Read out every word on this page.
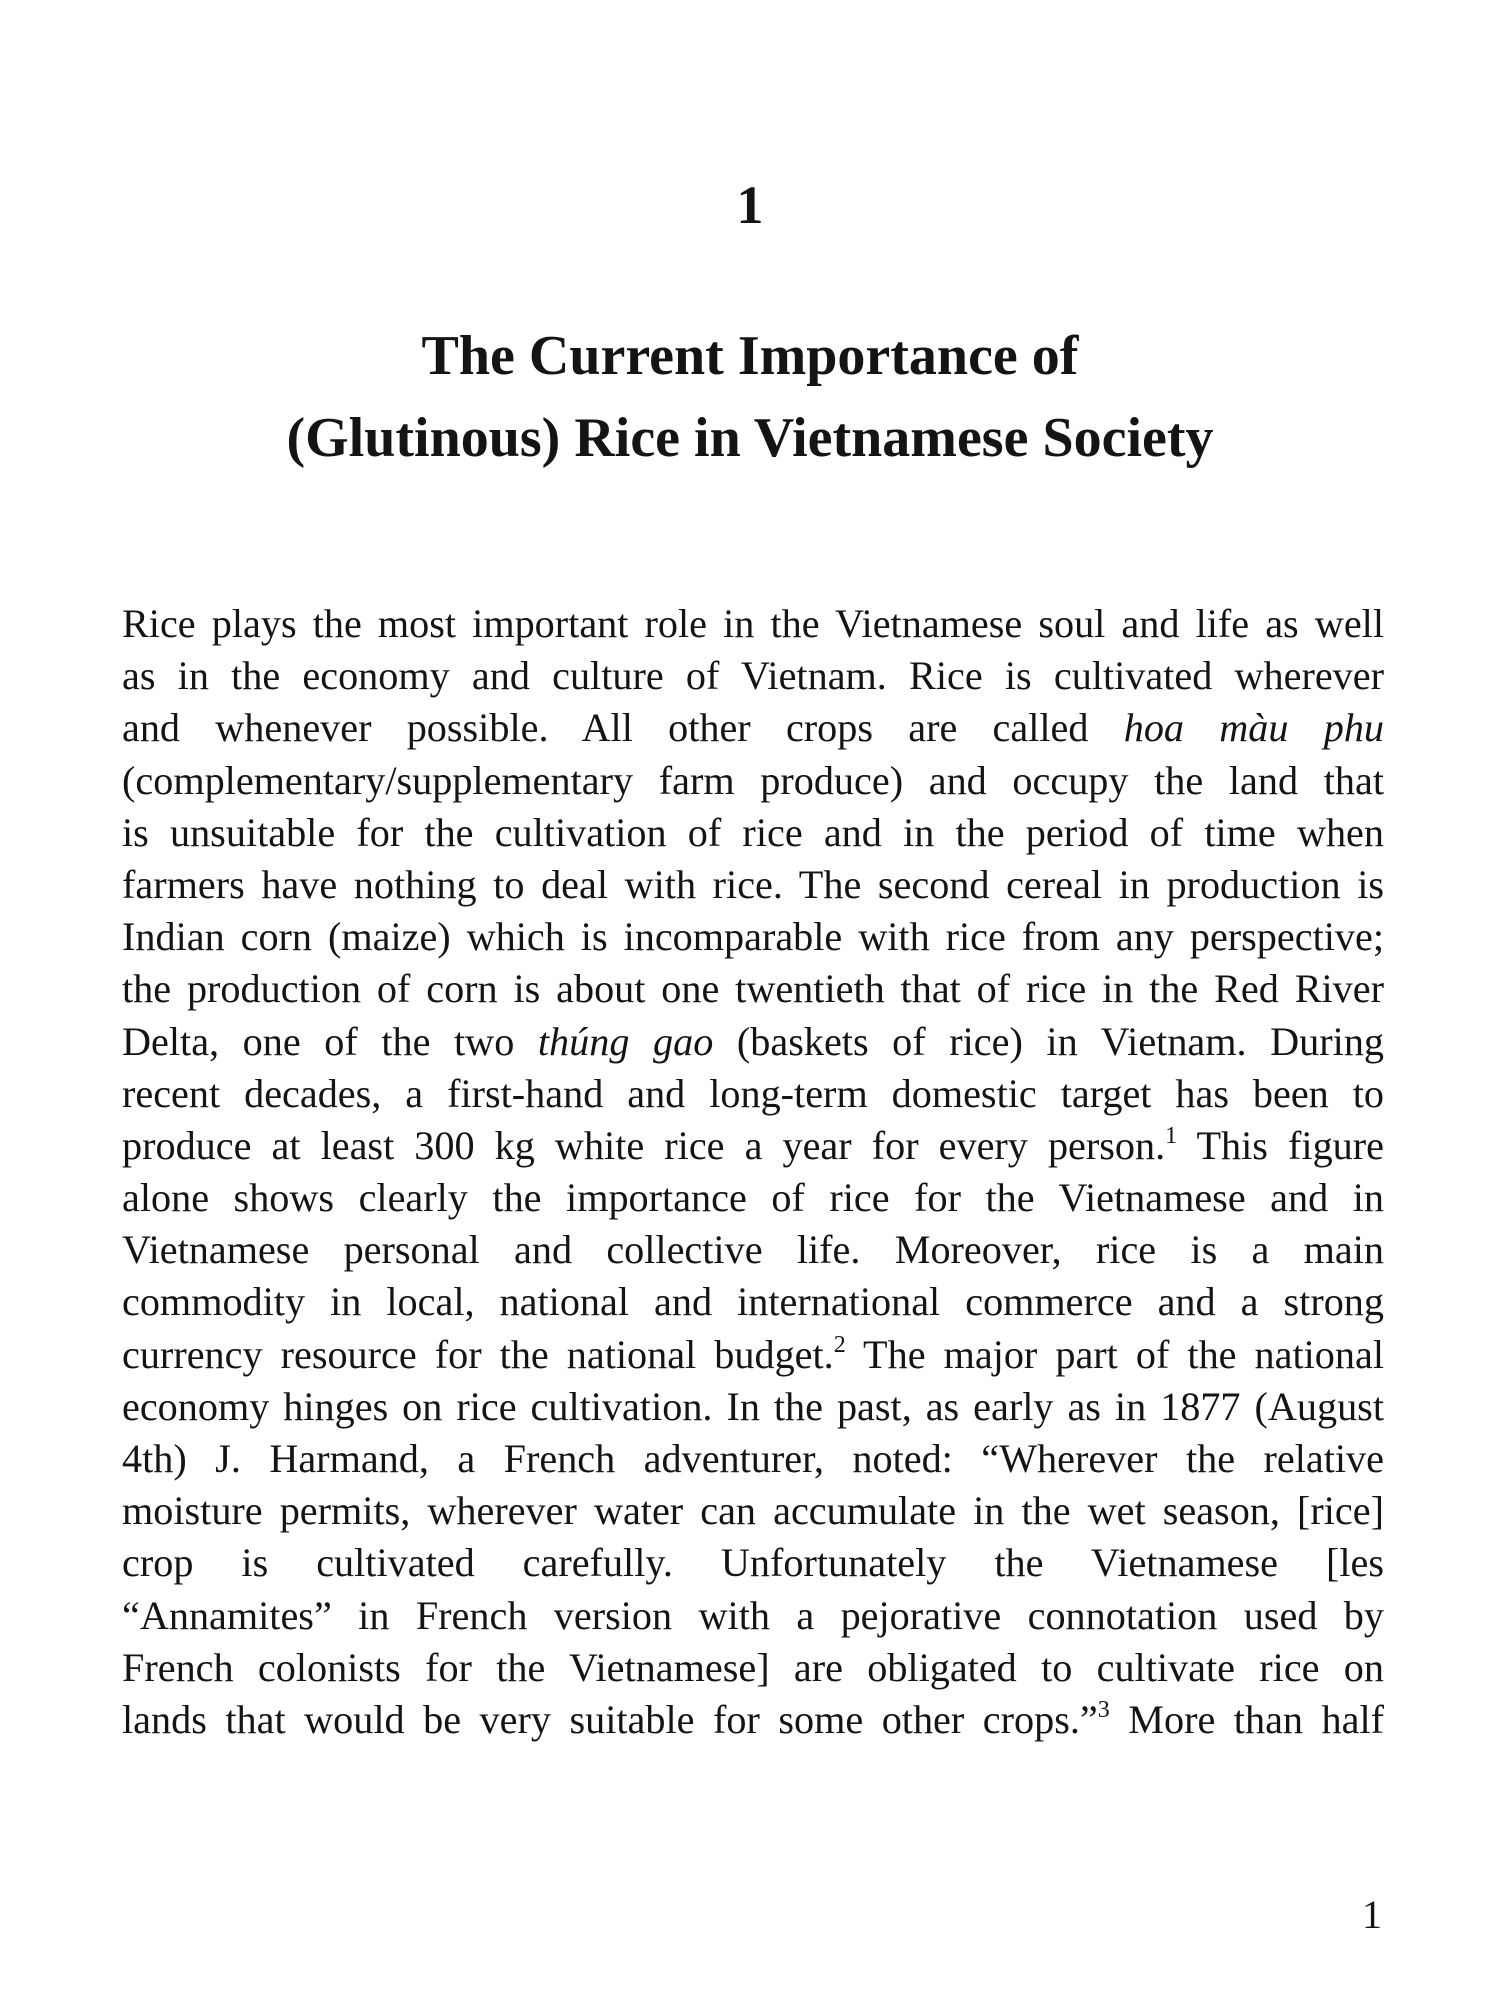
1
The Current Importance of
(Glutinous) Rice in Vietnamese Society
Rice plays the most important role in the Vietnamese soul and life as well
as in the economy and culture of Vietnam. Rice is cultivated wherever
and whenever possible. All other crops are called hoa màu phu
(complementary/supplementary farm produce) and occupy the land that
is unsuitable for the cultivation of rice and in the period of time when
farmers have nothing to deal with rice. The second cereal in production is
Indian corn (maize) which is incomparable with rice from any perspective;
the production of corn is about one twentieth that of rice in the Red River
Delta, one of the two thúng gao (baskets of rice) in Vietnam. During
recent decades, a first-hand and long-term domestic target has been to
produce at least 300 kg white rice a year for every person.$^1$ This figure
alone shows clearly the importance of rice for the Vietnamese and in
Vietnamese personal and collective life. Moreover, rice is a main
commodity in local, national and international commerce and a strong
currency resource for the national budget.$^2$ The major part of the national
economy hinges on rice cultivation. In the past, as early as in 1877 (August
4th) J. Harmand, a French adventurer, noted: “Wherever the relative
moisture permits, wherever water can accumulate in the wet season, [rice]
crop is cultivated carefully. Unfortunately the Vietnamese [les
“Annamites” in French version with a pejorative connotation used by
French colonists for the Vietnamese] are obligated to cultivate rice on
lands that would be very suitable for some other crops.”$^3$ More than half
1
